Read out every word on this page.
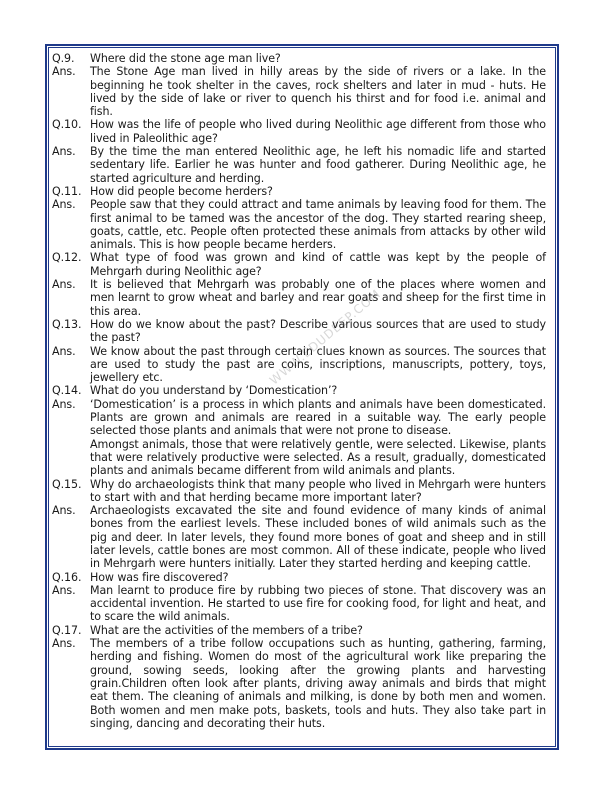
WWW.EDUDEEP.COM
Q.9.	Where did the stone age man live?

Ans.	The Stone Age man lived in hilly areas by the side of rivers or a lake. In the beginning he took shelter in the caves, rock shelters and later in mud - huts. He lived by the side of lake or river to quench his thirst and for food i.e. animal and fish.

Q.10. How was the life of people who lived during Neolithic age different from those who lived in Paleolithic age?

Ans.	By the time the man entered Neolithic age, he left his nomadic life and started sedentary life. Earlier he was hunter and food gatherer. During Neolithic age, he started agriculture and herding.

Q.11. How did people become herders?

Ans.	People saw that they could attract and tame animals by leaving food for them. The first animal to be tamed was the ancestor of the dog. They started rearing sheep, goats, cattle, etc. People often protected these animals from attacks by other wild animals. This is how people became herders.

Q.12. What type of food was grown and kind of cattle was kept by the people of Mehrgarh during Neolithic age?

Ans.	It is believed that Mehrgarh was probably one of the places where women and men learnt to grow wheat and barley and rear goats and sheep for the first time in this area.

Q.13. How do we know about the past? Describe various sources that are used to study the past?

Ans.	We know about the past through certain clues known as sources. The sources that are used to study the past are coins, inscriptions, manuscripts, pottery, toys, jewellery etc.

Q.14. What do you understand by ‘Domestication’?

Ans.	‘Domestication’ is a process in which plants and animals have been domesticated. Plants are grown and animals are reared in a suitable way. The early people selected those plants and animals that were not prone to disease.

Amongst animals, those that were relatively gentle, were selected. Likewise, plants that were relatively productive were selected. As a result, gradually, domesticated plants and animals became different from wild animals and plants.

Q.15. Why do archaeologists think that many people who lived in Mehrgarh were hunters to start with and that herding became more important later?

Ans.	Archaeologists excavated the site and found evidence of many kinds of animal bones from the earliest levels. These included bones of wild animals such as the pig and deer. In later levels, they found more bones of goat and sheep and in still later levels, cattle bones are most common. All of these indicate, people who lived in Mehrgarh were hunters initially. Later they started herding and keeping cattle.

Q.16. How was fire discovered?

Ans.	Man learnt to produce fire by rubbing two pieces of stone. That discovery was an accidental invention. He started to use fire for cooking food, for light and heat, and to scare the wild animals.

Q.17. What are the activities of the members of a tribe?

Ans.	The members of a tribe follow occupations such as hunting, gathering, farming, herding and fishing. Women do most of the agricultural work like preparing the ground, sowing seeds, looking after the growing plants and harvesting grain.Children often look after plants, driving away animals and birds that might eat them. The cleaning of animals and milking, is done by both men and women. Both women and men make pots, baskets, tools and huts. They also take part in singing, dancing and decorating their huts.
